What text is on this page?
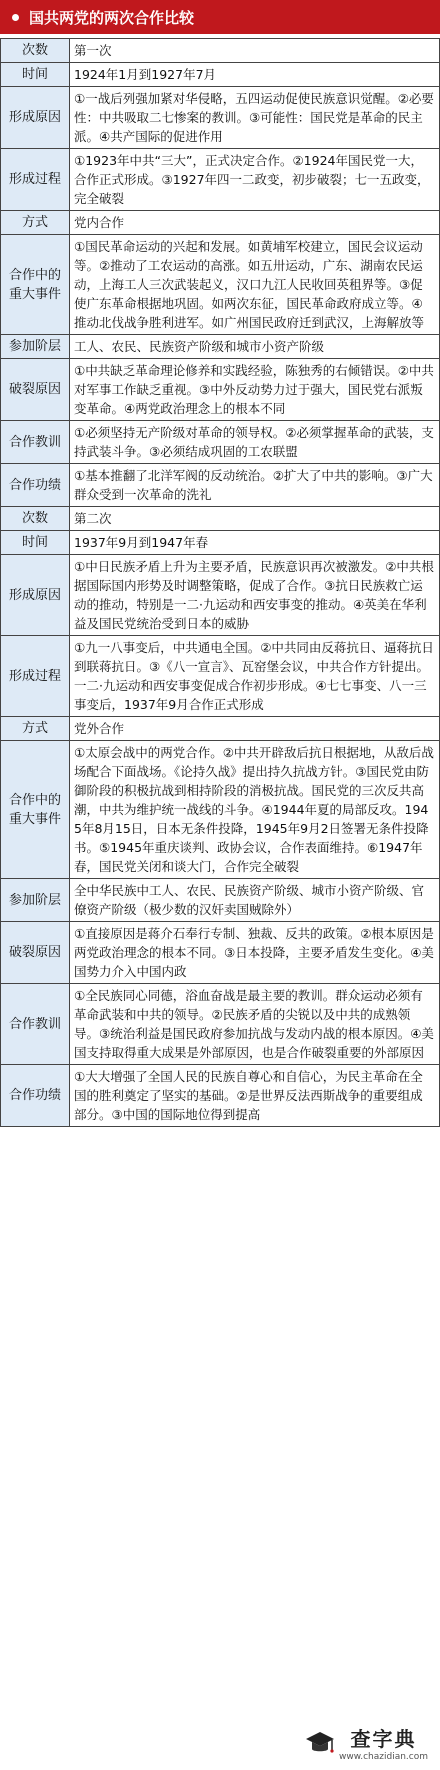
国共两党的两次合作比较
次数	第一次
时间	1924年1月到1927年7月
形成原因	①一战后列强加紧对华侵略，五四运动促使民族意识觉醒。②必要性：中共吸取二七惨案的教训。③可能性：国民党是革命的民主派。④共产国际的促进作用
形成过程	①1923年中共“三大”，正式决定合作。②1924年国民党一大，合作正式形成。③1927年四一二政变，初步破裂；七一五政变，完全破裂
方式	党内合作
合作中的重大事件	①国民革命运动的兴起和发展。如黄埔军校建立，国民会议运动等。②推动了工农运动的高涨。如五卅运动，广东、湖南农民运动，上海工人三次武装起义，汉口九江人民收回英租界等。③促使广东革命根据地巩固。如两次东征，国民革命政府成立等。④推动北伐战争胜利进军。如广州国民政府迁到武汉，上海解放等
参加阶层	工人、农民、民族资产阶级和城市小资产阶级
破裂原因	①中共缺乏革命理论修养和实践经验，陈独秀的右倾错误。②中共对军事工作缺乏重视。③中外反动势力过于强大，国民党右派叛变革命。④两党政治理念上的根本不同
合作教训	①必须坚持无产阶级对革命的领导权。②必须掌握革命的武装，支持武装斗争。③必须结成巩固的工农联盟
合作功绩	①基本推翻了北洋军阀的反动统治。②扩大了中共的影响。③广大群众受到一次革命的洗礼
次数	第二次
时间	1937年9月到1947年春
形成原因	①中日民族矛盾上升为主要矛盾，民族意识再次被激发。②中共根据国际国内形势及时调整策略，促成了合作。③抗日民族救亡运动的推动，特别是一二·九运动和西安事变的推动。④英美在华利益及国民党统治受到日本的威胁
形成过程	①九一八事变后，中共通电全国。②中共同由反蒋抗日、逼蒋抗日到联蒋抗日。③《八一宣言》、瓦窑堡会议，中共合作方针提出。一二·九运动和西安事变促成合作初步形成。④七七事变、八一三事变后，1937年9月合作正式形成
方式	党外合作
合作中的重大事件	①太原会战中的两党合作。②中共开辟敌后抗日根据地，从敌后战场配合下面战场。《论持久战》提出持久抗战方针。③国民党由防御阶段的积极抗战到相持阶段的消极抗战。国民党的三次反共高潮，中共为维护统一战线的斗争。④1944年夏的局部反攻。1945年8月15日，日本无条件投降，1945年9月2日签署无条件投降书。⑤1945年重庆谈判、政协会议，合作表面维持。⑥1947年春，国民党关闭和谈大门，合作完全破裂
参加阶层	全中华民族中工人、农民、民族资产阶级、城市小资产阶级、官僚资产阶级（极少数的汉奸卖国贼除外）
破裂原因	①直接原因是蒋介石奉行专制、独裁、反共的政策。②根本原因是两党政治理念的根本不同。③日本投降，主要矛盾发生变化。④美国势力介入中国内政
合作教训	①全民族同心同德，浴血奋战是最主要的教训。群众运动必须有革命武装和中共的领导。②民族矛盾的尖锐以及中共的成熟领导。③统治利益是国民政府参加抗战与发动内战的根本原因。④美国支持取得重大成果是外部原因，也是合作破裂重要的外部原因
合作功绩	①大大增强了全国人民的民族自尊心和自信心，为民主革命在全国的胜利奠定了坚实的基础。②是世界反法西斯战争的重要组成部分。③中国的国际地位得到提高
查字典
www.chazidian.com
